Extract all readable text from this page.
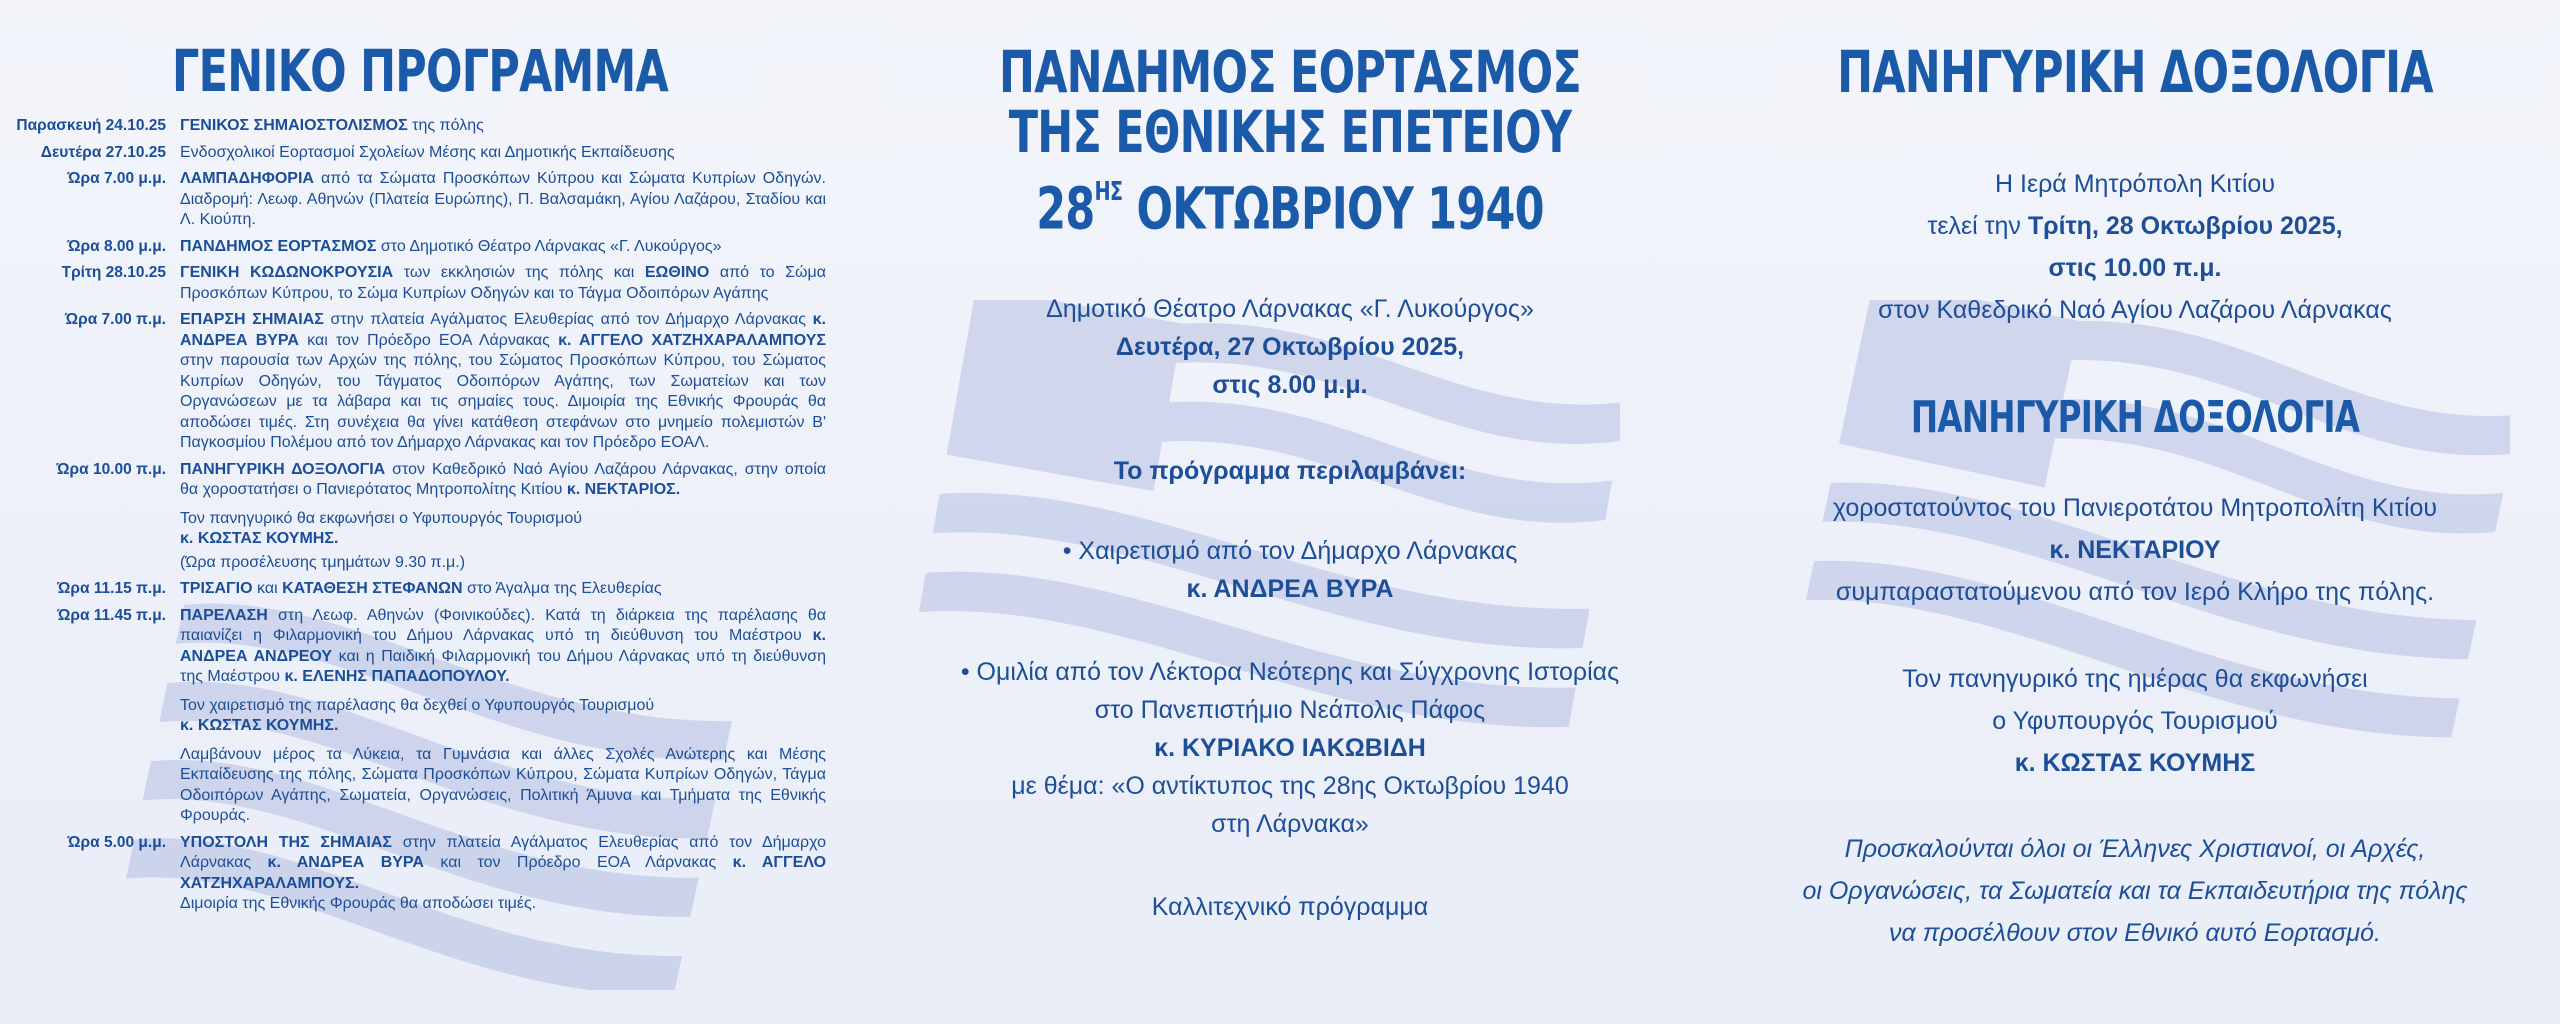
ΓΕΝΙΚΟ ΠΡΟΓΡΑΜΜΑ
Παρασκευή 24.10.25 ΓΕΝΙΚΟΣ ΣΗΜΑΙΟΣΤΟΛΙΣΜΟΣ της πόλης
Δευτέρα 27.10.25 Ενδοσχολικοί Εορτασμοί Σχολείων Μέσης και Δημοτικής Εκπαίδευσης
Ώρα 7.00 μ.μ. ΛΑΜΠΑΔΗΦΟΡΙΑ από τα Σώματα Προσκόπων Κύπρου και Σώματα Κυπρίων Οδηγών. Διαδρομή: Λεωφ. Αθηνών (Πλατεία Ευρώπης), Π. Βαλσαμάκη, Αγίου Λαζάρου, Σταδίου και Λ. Κιούπη.
Ώρα 8.00 μ.μ. ΠΑΝΔΗΜΟΣ ΕΟΡΤΑΣΜΟΣ στο Δημοτικό Θέατρο Λάρνακας «Γ. Λυκούργος»
Τρίτη 28.10.25 ΓΕΝΙΚΗ ΚΩΔΩΝΟΚΡΟΥΣΙΑ των εκκλησιών της πόλης και ΕΩΘΙΝΟ από το Σώμα Προσκόπων Κύπρου, το Σώμα Κυπρίων Οδηγών και το Τάγμα Οδοιπόρων Αγάπης
Ώρα 7.00 π.μ. ΕΠΑΡΣΗ ΣΗΜΑΙΑΣ στην πλατεία Αγάλματος Ελευθερίας από τον Δήμαρχο Λάρνακας κ. ΑΝΔΡΕΑ ΒΥΡΑ και τον Πρόεδρο ΕΟΑ Λάρνακας κ. ΑΓΓΕΛΟ ΧΑΤΖΗΧΑΡΑΛΑΜΠΟΥΣ στην παρουσία των Αρχών της πόλης, του Σώματος Προσκόπων Κύπρου, του Σώματος Κυπρίων Οδηγών, του Τάγματος Οδοιπόρων Αγάπης, των Σωματείων και των Οργανώσεων με τα λάβαρα και τις σημαίες τους. Διμοιρία της Εθνικής Φρουράς θα αποδώσει τιμές. Στη συνέχεια θα γίνει κατάθεση στεφάνων στο μνημείο πολεμιστών Β' Παγκοσμίου Πολέμου από τον Δήμαρχο Λάρνακας και τον Πρόεδρο ΕΟΑΛ.
Ώρα 10.00 π.μ. ΠΑΝΗΓΥΡΙΚΗ ΔΟΞΟΛΟΓΙΑ στον Καθεδρικό Ναό Αγίου Λαζάρου Λάρνακας, στην οποία θα χοροστατήσει ο Πανιερότατος Μητροπολίτης Κιτίου κ. ΝΕΚΤΑΡΙΟΣ.

Τον πανηγυρικό θα εκφωνήσει ο Υφυπουργός Τουρισμού
κ. ΚΩΣΤΑΣ ΚΟΥΜΗΣ.

(Ώρα προσέλευσης τμημάτων 9.30 π.μ.)

Ώρα 11.15 π.μ. ΤΡΙΣΑΓΙΟ και ΚΑΤΑΘΕΣΗ ΣΤΕΦΑΝΩΝ στο Άγαλμα της Ελευθερίας
Ώρα 11.45 π.μ. ΠΑΡΕΛΑΣΗ στη Λεωφ. Αθηνών (Φοινικούδες). Κατά τη διάρκεια της παρέλασης θα παιανίζει η Φιλαρμονική του Δήμου Λάρνακας υπό τη διεύθυνση του Μαέστρου κ. ΑΝΔΡΕΑ ΑΝΔΡΕΟΥ και η Παιδική Φιλαρμονική του Δήμου Λάρνακας υπό τη διεύθυνση της Μαέστρου κ. ΕΛΕΝΗΣ ΠΑΠΑΔΟΠΟΥΛΟΥ.

Τον χαιρετισμό της παρέλασης θα δεχθεί ο Υφυπουργός Τουρισμού
κ. ΚΩΣΤΑΣ ΚΟΥΜΗΣ.

Λαμβάνουν μέρος τα Λύκεια, τα Γυμνάσια και άλλες Σχολές Ανώτερης και Μέσης Εκπαίδευσης της πόλης, Σώματα Προσκόπων Κύπρου, Σώματα Κυπρίων Οδηγών, Τάγμα Οδοιπόρων Αγάπης, Σωματεία, Οργανώσεις, Πολιτική Άμυνα και Τμήματα της Εθνικής Φρουράς.

Ώρα 5.00 μ.μ. ΥΠΟΣΤΟΛΗ ΤΗΣ ΣΗΜΑΙΑΣ στην πλατεία Αγάλματος Ελευθερίας από τον Δήμαρχο Λάρνακας κ. ΑΝΔΡΕΑ ΒΥΡΑ και τον Πρόεδρο ΕΟΑ Λάρνακας κ. ΑΓΓΕΛΟ ΧΑΤΖΗΧΑΡΑΛΑΜΠΟΥΣ.
Διμοιρία της Εθνικής Φρουράς θα αποδώσει τιμές.
ΠΑΝΔΗΜΟΣ ΕΟΡΤΑΣΜΟΣ
ΤΗΣ ΕΘΝΙΚΗΣ ΕΠΕΤΕΙΟΥ
$28^{H\Sigma}$ ΟΚΤΩΒΡΙΟΥ 1940

Δημοτικό Θέατρο Λάρνακας «Γ. Λυκούργος»

Δευτέρα, 27 Οκτωβρίου 2025,

στις 8.00 μ.μ.

Το πρόγραμμα περιλαμβάνει:

• Χαιρετισμό από τον Δήμαρχο Λάρνακας

κ. ΑΝΔΡΕΑ ΒΥΡΑ

• Ομιλία από τον Λέκτορα Νεότερης και Σύγχρονης Ιστορίας

στο Πανεπιστήμιο Νεάπολις Πάφος

κ. ΚΥΡΙΑΚΟ ΙΑΚΩΒΙΔΗ

με θέμα: «Ο αντίκτυπος της 28ης Οκτωβρίου 1940

στη Λάρνακα»

Καλλιτεχνικό πρόγραμμα

ΠΑΝΗΓΥΡΙΚΗ ΔΟΞΟΛΟΓΙΑ
Η Ιερά Μητρόπολη Κιτίου
τελεί την Τρίτη, 28 Οκτωβρίου 2025,
στις 10.00 π.μ.
στον Καθεδρικό Ναό Αγίου Λαζάρου Λάρνακας
ΠΑΝΗΓΥΡΙΚΗ ΔΟΞΟΛΟΓΙΑ
χοροστατούντος του Πανιεροτάτου Μητροπολίτη Κιτίου
κ. ΝΕΚΤΑΡΙΟΥ
συμπαραστατούμενου από τον Ιερό Κλήρο της πόλης.
Τον πανηγυρικό της ημέρας θα εκφωνήσει
ο Υφυπουργός Τουρισμού
κ. ΚΩΣΤΑΣ ΚΟΥΜΗΣ
Προσκαλούνται όλοι οι Έλληνες Χριστιανοί, οι Αρχές,
οι Οργανώσεις, τα Σωματεία και τα Εκπαιδευτήρια της πόλης
να προσέλθουν στον Εθνικό αυτό Εορτασμό.
